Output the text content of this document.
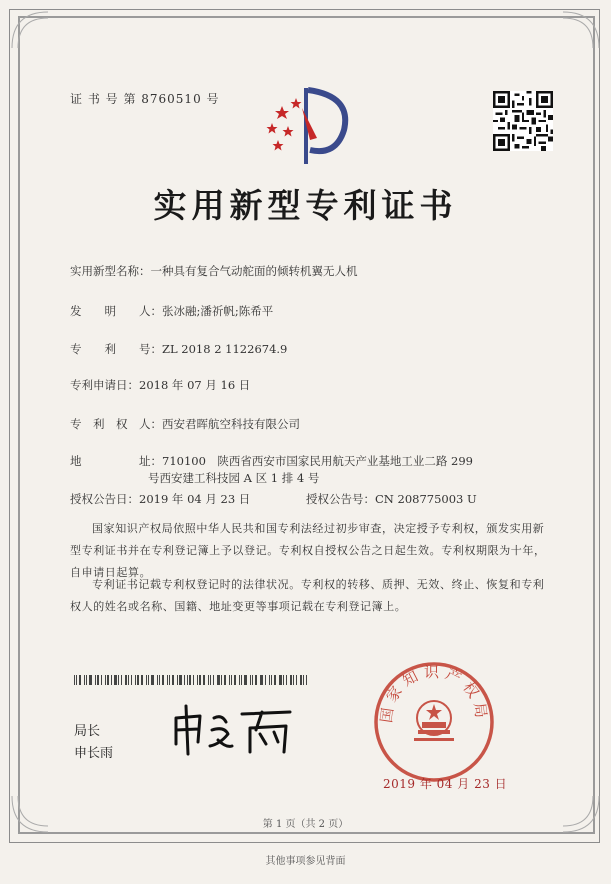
证 书 号 第 8760510 号
实用新型专利证书
实用新型名称：一种具有复合气动舵面的倾转机翼无人机
发　　明　　人：张冰融;潘祈帆;陈希平
专　　利　　号：ZL 2018 2 1122674.9
专利申请日：2018 年 07 月 16 日
专　利　权　人：西安君晖航空科技有限公司
地　　　　　址：710100　陕西省西安市国家民用航天产业基地工业二路 299
号西安建工科技园 A 区 1 排 4 号
授权公告日：2019 年 04 月 23 日	授权公告号：CN 208775003 U
国家知识产权局依照中华人民共和国专利法经过初步审查，决定授予专利权，颁发实用新型专利证书并在专利登记簿上予以登记。专利权自授权公告之日起生效。专利权期限为十年，自申请日起算。
专利证书记载专利权登记时的法律状况。专利权的转移、质押、无效、终止、恢复和专利权人的姓名或名称、国籍、地址变更等事项记载在专利登记簿上。
局长
申长雨
国家知识产权局
2019 年 04 月 23 日
第 1 页（共 2 页）
其他事项参见背面
